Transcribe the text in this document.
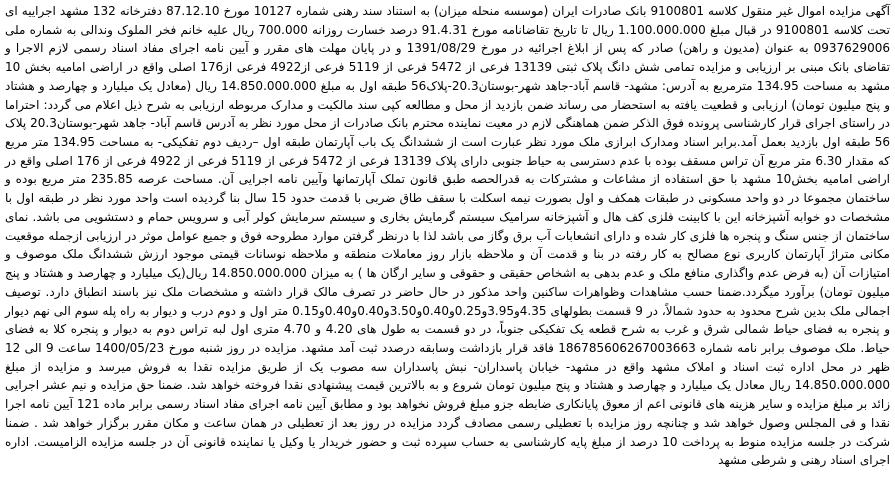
آگهی مزایده اموال غیر منقول کلاسه 9100801 بانک صادرات ایران (موسسه منحله میزان) به استناد سند رهنی شماره 10127 مورخ 87.12.10 دفترخانه 132 مشهد اجراییه ای تحت کلاسه 9100801 در قبال مبلغ 1.100.000.000 ریال تا تاریخ تقاضانامه مورخ 91.4.31 درصد خسارت روزانه 700.000 ریال علیه خانم فخر الملوک وندالی به شماره ملی 0937629006 به عنوان (مدیون و راهن) صادر که پس از ابلاغ اجرائیه در مورخ 1391/08/29 و در پایان مهلت های مقرر و آیین نامه اجرای مفاد اسناد رسمی لازم الاجرا و تقاضای بانک مبنی بر ارزیابی و مزایده تمامی شش دانگ پلاک ثبتی 13139 فرعی از 5472 فرعی از 5119 فرعی از4922 فرعی از176 اصلی واقع در اراضی امامیه بخش 10 مشهد به مساحت 134.95 مترمربع به آدرس: مشهد- قاسم آباد-جاهد شهر-بوستان20.3-پلاک56 طبقه اول به مبلغ 14.850.000.000 ریال (معادل یک میلیارد و چهارصد و هشتاد و پنج میلیون تومان) ارزیابی و قطعیت یافته به استحضار می رساند ضمن بازدید از محل و مطالعه کپی سند مالکیت و مدارک مربوطه ارزیابی به شرح ذیل اعلام می گردد: احتراما در راستای اجرای قرار کارشناسی پرونده فوق الذکر ضمن هماهنگی لازم در معیت نماینده محترم بانک صادرات از محل مورد نظر به آدرس قاسم آباد- جاهد شهر-بوستان20.3 پلاک 56 طبقه اول بازدید بعمل آمد.برابر اسناد ومدارک ابرازی ملک مورد نظر عبارت است از ششدانگ یک باب آپارتمان طبقه اول –ردیف دوم تفکیکی- به مساحت 134.95 متر مربع که مقدار 6.30 متر مربع آن تراس مسقف بوده با عدم دسترسی به حیاط جنوبی دارای پلاک 13139 فرعی از 5472 فرعی از 5119 فرعی از 4922 فرعی از 176 اصلی واقع در اراضی امامیه بخش10 مشهد با حق استفاده از مشاعات و مشترکات به قدرالحصه طبق قانون تملک آپارتمانها وآیین نامه اجرایی آن. مساحت عرصه 235.85 متر مربع بوده و ساختمان مجموعا در دو واحد مسکونی در طبقات همکف و اول بصورت نیمه اسکلت با سقف طاق ضربی با قدمت حدود 15 سال بنا گردیده است واحد مورد نظر در طبقه اول با مشخصات دو خوابه آشپزخانه این با کابینت فلزی کف هال و آشپزخانه سرامیک سیستم گرمایش بخاری و سیستم سرمایش کولر آبی و سرویس حمام و دستشویی می باشد. نمای ساختمان از جنس سنگ و پنجره ها فلزی کار شده و دارای انشعابات آب برق وگاز می باشد لذا با درنظر گرفتن موارد مطروحه فوق و جمیع عوامل موثر در ارزیابی ازجمله موقعیت مکانی متراژ آپارتمان کاربری نوع مصالح به کار رفته در بنا و قدمت آن و ملاحظه بازار روز معاملات منطقه و ملاحظه نوسانات قیمتی موجود ارزش ششدانگ ملک موصوف و امتیازات آن (به فرض عدم واگذاری منافع ملک و عدم بدهی به اشخاص حقیقی و حقوقی و سایر ارگان ها ) به میزان 14.850.000.000 ریال(یک میلیارد و چهارصد و هشتاد و پنج میلیون تومان) برآورد میگردد.ضمنا حسب مشاهدات وظواهرات ساکنین واحد مذکور در حال حاضر در تصرف مالک قرار داشته و مشخصات ملک نیز باسند انطباق دارد. توصیف اجمالی ملک بدین شرح محدود به حدود شمالاً، در 9 قسمت بطولهای 4.35و3.95و0.25و0.40و3.50و0.40و0.40و0.15 متر اول و دوم درب و دیوار به راه پله سوم الی نهم دیوار و پنجره به فضای حیاط شمالی شرق و غرب به شرح قطعه یک تفکیکی جنوباً، در دو قسمت به طول های 4.20 و 4.70 متری اول لبه تراس دوم به دیوار و پنجره کلا به فضای حیاط. ملک موصوف برابر نامه شماره 186785606267003663 فاقد قرار بازداشت وسابقه درصدد ثبت آمد مشهد. مزایده در روز شنبه مورخ 1400/05/23 ساعت 9 الی 12 ظهر در محل اداره ثبت اسناد و املاک مشهد واقع در مشهد- خیابان پاسداران- نبش پاسداران سه مصوب یک از طریق مزایده نقدا به فروش میرسد و مزایده از مبلغ 14.850.000.000 ریال معادل یک میلیارد و چهارصد و هشتاد و پنج میلیون تومان شروع و به بالاترین قیمت پیشنهادی نقدا فروخته خواهد شد. ضمنا حق مزایده و نیم عشر اجرایی زائد بر مبلغ مزایده و سایر هزینه های قانونی اعم از معوق پایانکاری ضابطه جزو مبلغ فروش نخواهد بود و مطابق آیین نامه اجرای مفاد اسناد رسمی برابر ماده 121 آیین نامه اجرا نقدا و فی المجلس وصول خواهد شد و چنانچه روز مزایده با تعطیلی رسمی مصادف گردد مزایده در روز بعد از تعطیلی در همان ساعت و مکان مقرر برگزار خواهد شد . ضمنا شرکت در جلسه مزایده منوط به پرداخت 10 درصد از مبلغ پایه کارشناسی به حساب سپرده ثبت و حضور خریدار یا وکیل یا نماینده قانونی آن در جلسه مزایده الزامیست. اداره اجرای اسناد رهنی و شرطی مشهد
